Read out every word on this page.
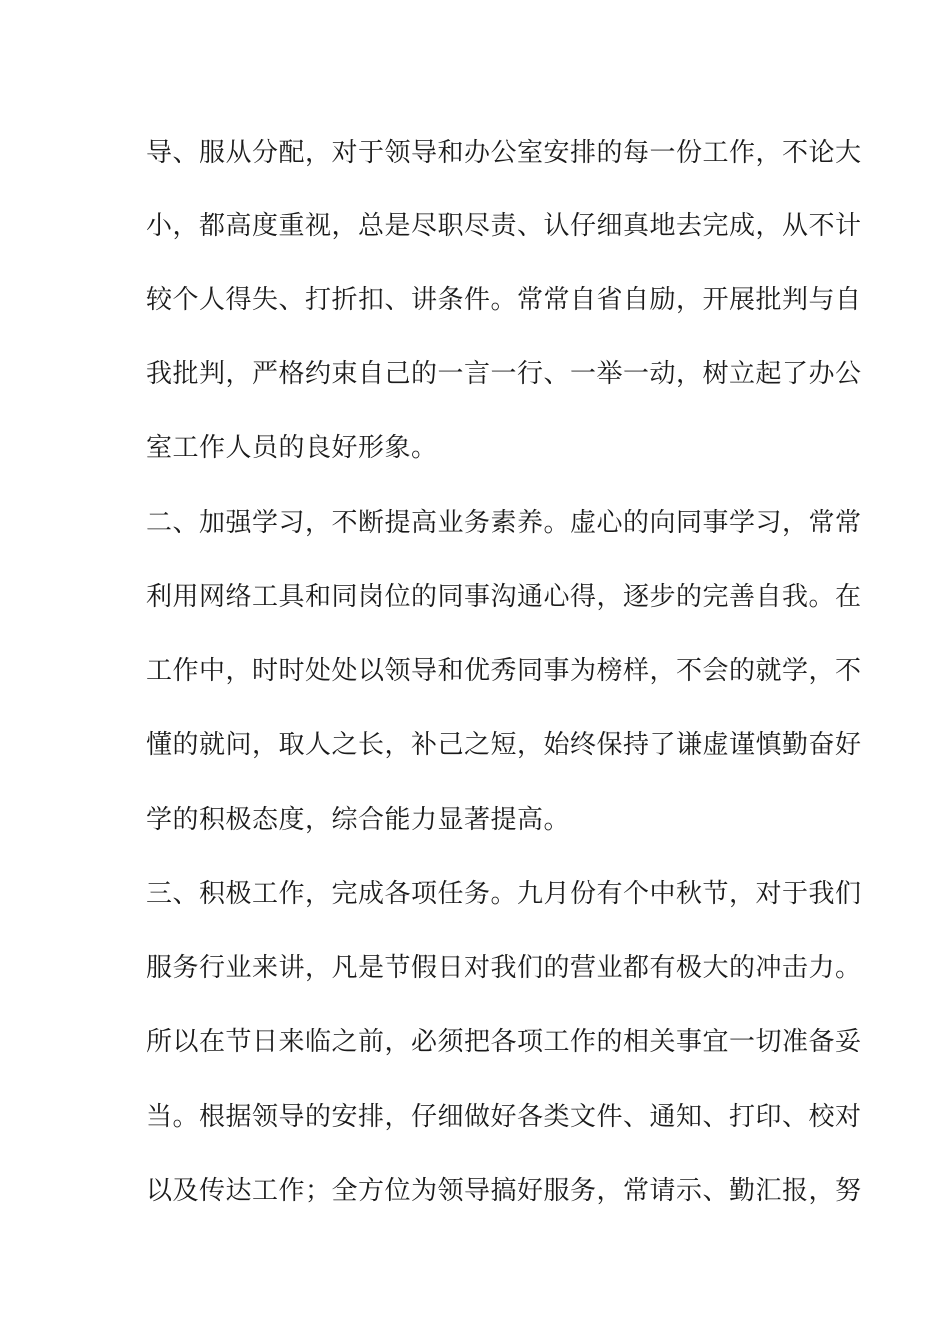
导、服从分配，对于领导和办公室安排的每一份工作，不论大
小，都高度重视，总是尽职尽责、认仔细真地去完成，从不计
较个人得失、打折扣、讲条件。常常自省自励，开展批判与自
我批判，严格约束自己的一言一行、一举一动，树立起了办公
室工作人员的良好形象。
二、加强学习，不断提高业务素养。虚心的向同事学习，常常
利用网络工具和同岗位的同事沟通心得，逐步的完善自我。在
工作中，时时处处以领导和优秀同事为榜样，不会的就学，不
懂的就问，取人之长，补己之短，始终保持了谦虚谨慎勤奋好
学的积极态度，综合能力显著提高。
三、积极工作，完成各项任务。九月份有个中秋节，对于我们
服务行业来讲，凡是节假日对我们的营业都有极大的冲击力。
所以在节日来临之前，必须把各项工作的相关事宜一切准备妥
当。根据领导的安排，仔细做好各类文件、通知、打印、校对
以及传达工作；全方位为领导搞好服务，常请示、勤汇报，努
